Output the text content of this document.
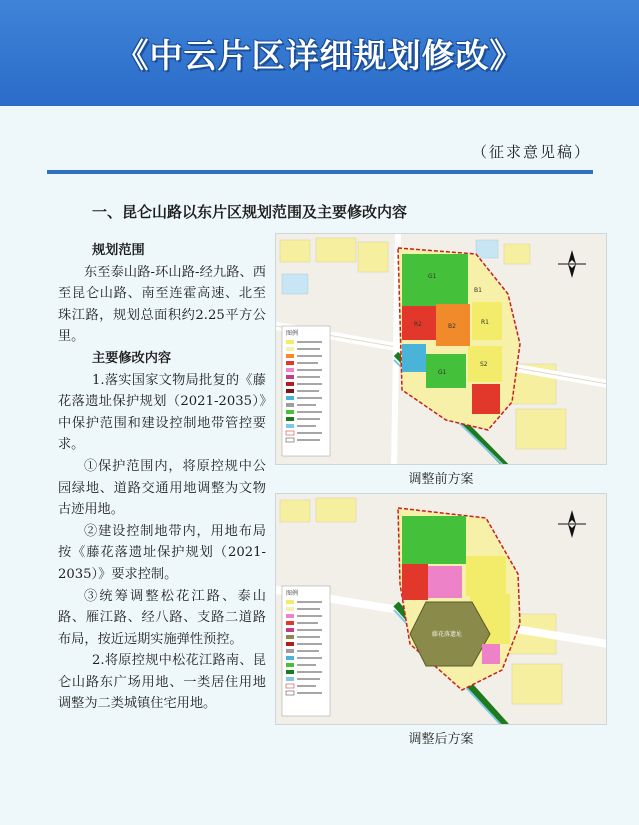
《中云片区详细规划修改》
（征求意见稿）
一、昆仑山路以东片区规划范围及主要修改内容

规划范围

东至泰山路-环山路-经九路、西至昆仑山路、南至连霍高速、北至珠江路，规划总面积约2.25平方公里。

主要修改内容

1.落实国家文物局批复的《藤花落遗址保护规划（2021-2035）》中保护范围和建设控制地带管控要求。

①保护范围内，将原控规中公园绿地、道路交通用地调整为文物古迹用地。

②建设控制地带内，用地布局按《藤花落遗址保护规划（2021-2035）》要求控制。

③统筹调整松花江路、泰山路、雁江路、经八路、支路二道路布局，按近远期实施弹性预控。

2.将原控规中松花江路南、昆仑山路东广场用地、一类居住用地调整为二类城镇住宅用地。

G1
R2	B2
R1
G1
S2
B1
图例
调整前方案
藤花落遗址
图例
调整后方案
